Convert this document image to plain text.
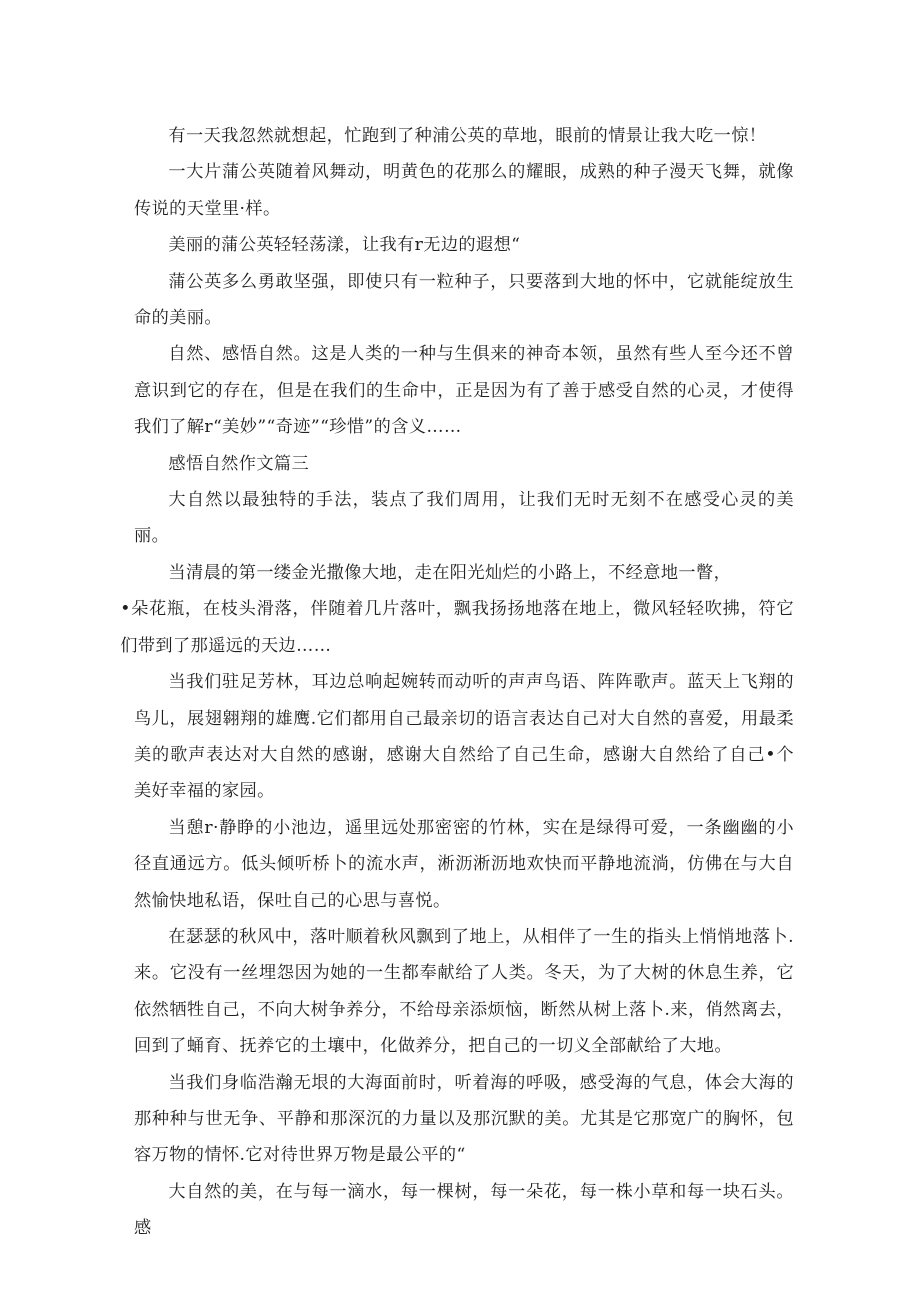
有一天我忽然就想起，忙跑到了种浦公英的草地，眼前的情景让我大吃一惊！

一大片蒲公英随着风舞动，明黄色的花那么的耀眼，成熟的种子漫天飞舞，就像传说的天堂里·样。

美丽的蒲公英轻轻荡漾，让我有r无边的遐想“

蒲公英多么勇敢坚强，即使只有一粒种子，只要落到大地的怀中，它就能绽放生命的美丽。

自然、感悟自然。这是人类的一种与生俱来的神奇本领，虽然有些人至今还不曾意识到它的存在，但是在我们的生命中，正是因为有了善于感受自然的心灵，才使得我们了解r“美妙”“奇迹”“珍惜”的含义……

感悟自然作文篇三

大自然以最独特的手法，装点了我们周用，让我们无时无刻不在感受心灵的美丽。

当清晨的第一缕金光撒像大地，走在阳光灿烂的小路上，不经意地一瞥，

•朵花瓶，在枝头滑落，伴随着几片落叶，飘我扬扬地落在地上，微风轻轻吹拂，符它们带到了那遥远的天边……

当我们驻足芳林，耳边总响起婉转而动听的声声鸟语、阵阵歌声。蓝天上飞翔的鸟儿，展翅翱翔的雄鹰.它们都用自己最亲切的语言表达自己对大自然的喜爱，用最柔美的歌声表达对大自然的感谢，感谢大自然给了自己生命，感谢大自然给了自己•个美好幸福的家园。

当憩r·静睁的小池边，遥里远处那密密的竹林，实在是绿得可爱，一条幽幽的小径直通远方。低头倾听桥卜的流水声，淅沥淅沥地欢快而平静地流淌，仿佛在与大自然愉快地私语，保吐自己的心思与喜悦。

在瑟瑟的秋风中，落叶顺着秋风飘到了地上，从相伴了一生的指头上悄悄地落卜.来。它没有一丝埋怨因为她的一生都奉献给了人类。冬天，为了大树的休息生养，它依然牺牲自己，不向大树争养分，不给母亲添烦恼，断然从树上落卜.来，俏然离去，回到了蛹育、抚养它的土壤中，化做养分，把自己的一切义全部献给了大地。

当我们身临浩瀚无垠的大海面前时，听着海的呼吸，感受海的气息，体会大海的那种种与世无争、平静和那深沉的力量以及那沉默的美。尤其是它那宽广的胸怀，包容万物的情怀.它对待世界万物是最公平的“

大自然的美，在与每一滴水，每一棵树，每一朵花，每一株小草和每一块石头。感
